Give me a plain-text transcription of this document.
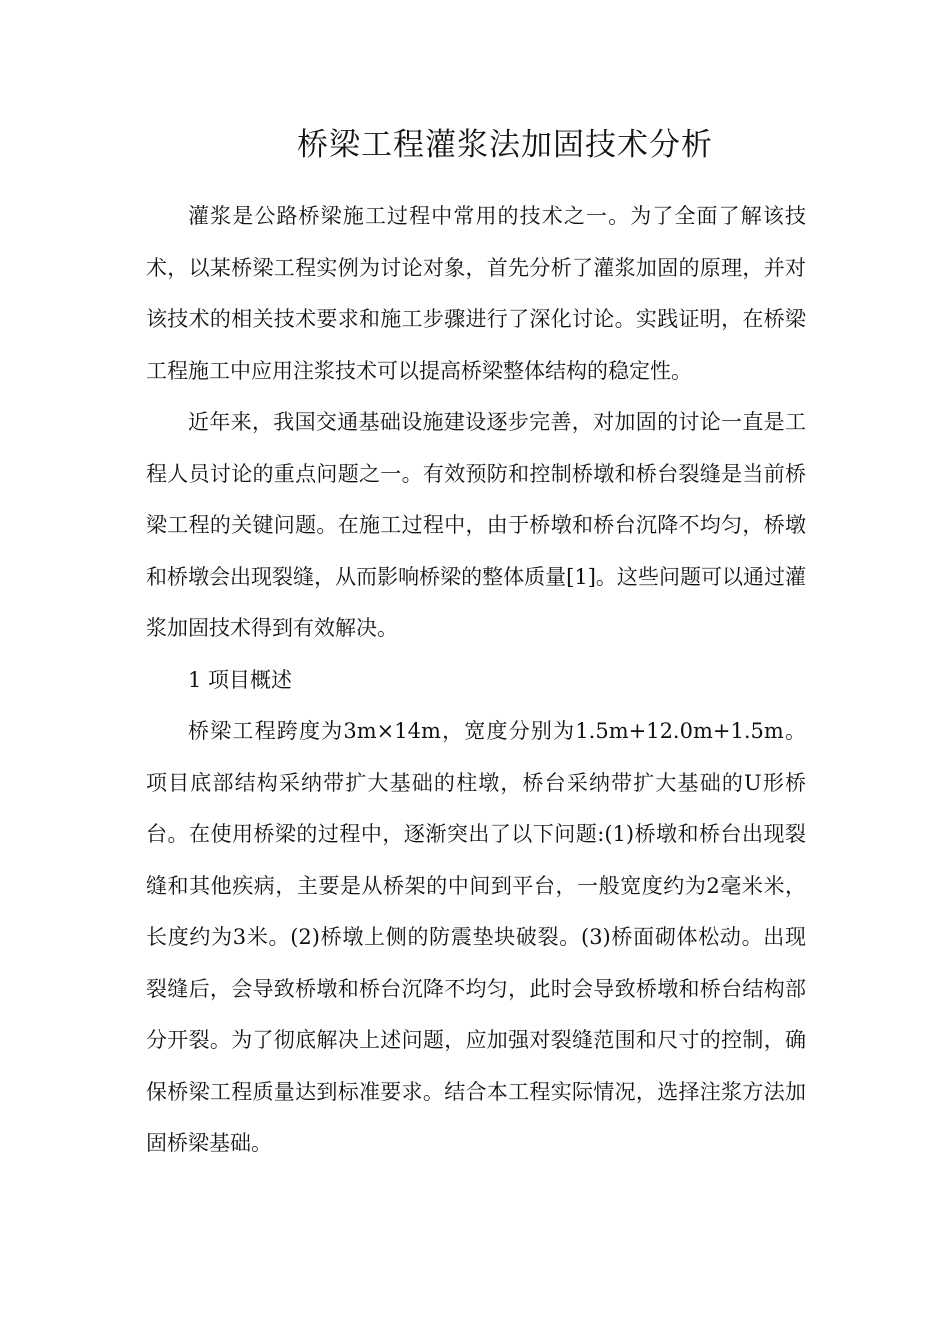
桥梁工程灌浆法加固技术分析

灌浆是公路桥梁施工过程中常用的技术之一。为了全面了解该技术，以某桥梁工程实例为讨论对象，首先分析了灌浆加固的原理，并对该技术的相关技术要求和施工步骤进行了深化讨论。实践证明，在桥梁工程施工中应用注浆技术可以提高桥梁整体结构的稳定性。

近年来，我国交通基础设施建设逐步完善，对加固的讨论一直是工程人员讨论的重点问题之一。有效预防和控制桥墩和桥台裂缝是当前桥梁工程的关键问题。在施工过程中，由于桥墩和桥台沉降不均匀，桥墩和桥墩会出现裂缝，从而影响桥梁的整体质量[1]。这些问题可以通过灌浆加固技术得到有效解决。

1 项目概述

桥梁工程跨度为3m×14m，宽度分别为1.5m+12.0m+1.5m。项目底部结构采纳带扩大基础的柱墩，桥台采纳带扩大基础的U形桥台。在使用桥梁的过程中，逐渐突出了以下问题:(1)桥墩和桥台出现裂缝和其他疾病，主要是从桥架的中间到平台，一般宽度约为2毫米米，长度约为3米。(2)桥墩上侧的防震垫块破裂。(3)桥面砌体松动。出现裂缝后，会导致桥墩和桥台沉降不均匀，此时会导致桥墩和桥台结构部分开裂。为了彻底解决上述问题，应加强对裂缝范围和尺寸的控制，确保桥梁工程质量达到标准要求。结合本工程实际情况，选择注浆方法加固桥梁基础。
